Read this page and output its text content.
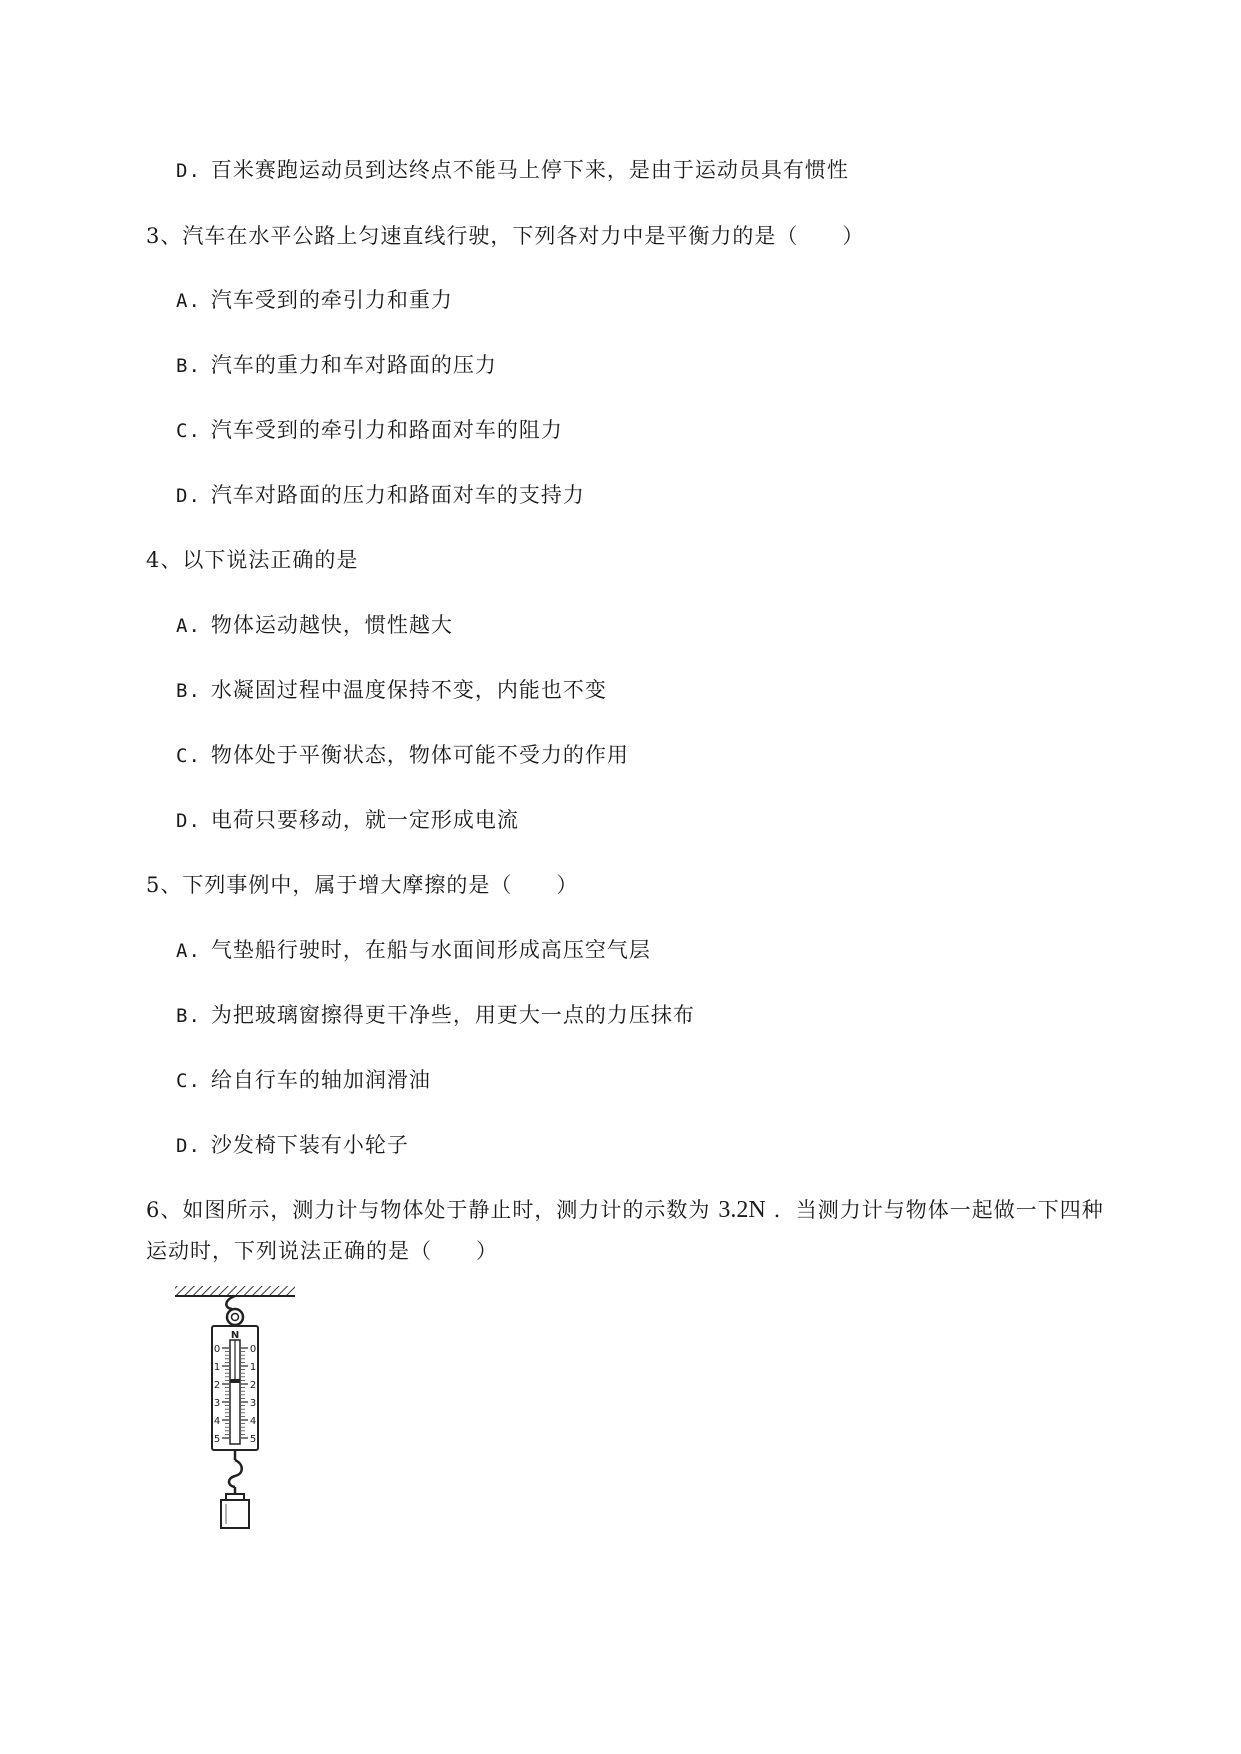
D. 百米赛跑运动员到达终点不能马上停下来，是由于运动员具有惯性
3、汽车在水平公路上匀速直线行驶，下列各对力中是平衡力的是（　　）
A. 汽车受到的牵引力和重力
B. 汽车的重力和车对路面的压力
C. 汽车受到的牵引力和路面对车的阻力
D. 汽车对路面的压力和路面对车的支持力
4、以下说法正确的是
A. 物体运动越快，惯性越大
B. 水凝固过程中温度保持不变，内能也不变
C. 物体处于平衡状态，物体可能不受力的作用
D. 电荷只要移动，就一定形成电流
5、下列事例中，属于增大摩擦的是（　　）
A. 气垫船行驶时，在船与水面间形成高压空气层
B. 为把玻璃窗擦得更干净些，用更大一点的力压抹布
C. 给自行车的轴加润滑油
D. 沙发椅下装有小轮子
6、如图所示，测力计与物体处于静止时，测力计的示数为 3.2N ．当测力计与物体一起做一下四种
运动时，下列说法正确的是（　　）
N
0
1
2
3
4
5
0
1
2
3
4
5
